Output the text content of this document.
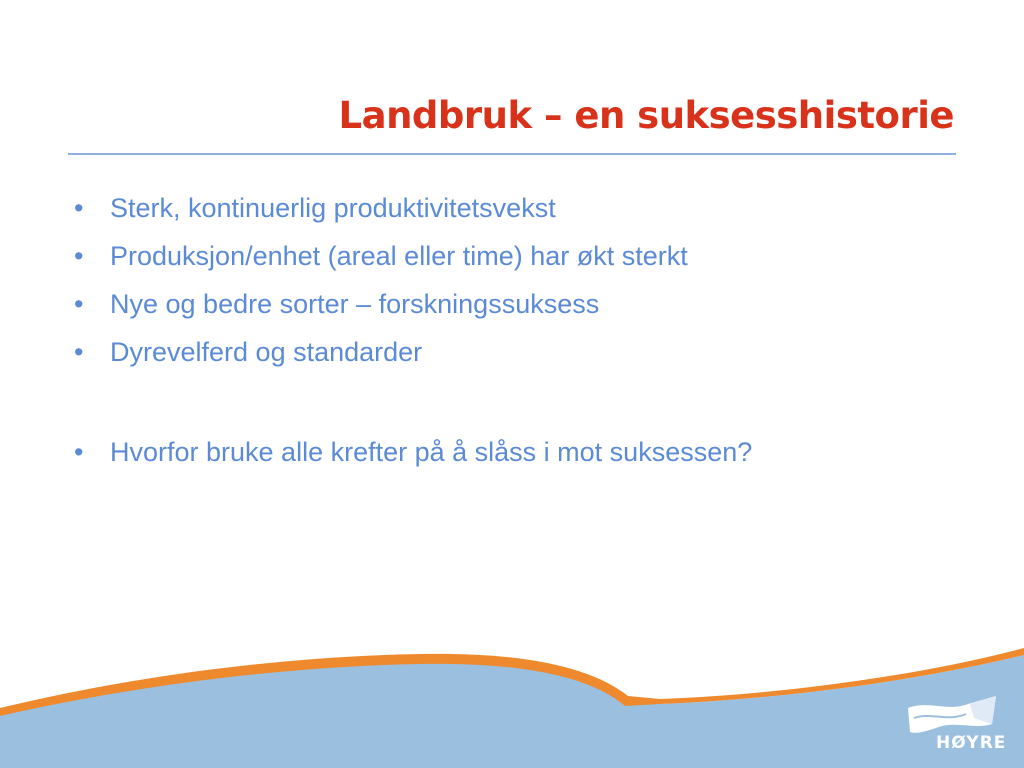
Landbruk – en suksesshistorie
• Sterk, kontinuerlig produktivitetsvekst
• Produksjon/enhet (areal eller time) har økt sterkt
• Nye og bedre sorter – forskningssuksess
• Dyrevelferd og standarder
• Hvorfor bruke alle krefter på å slåss i mot suksessen?
HØYRE
